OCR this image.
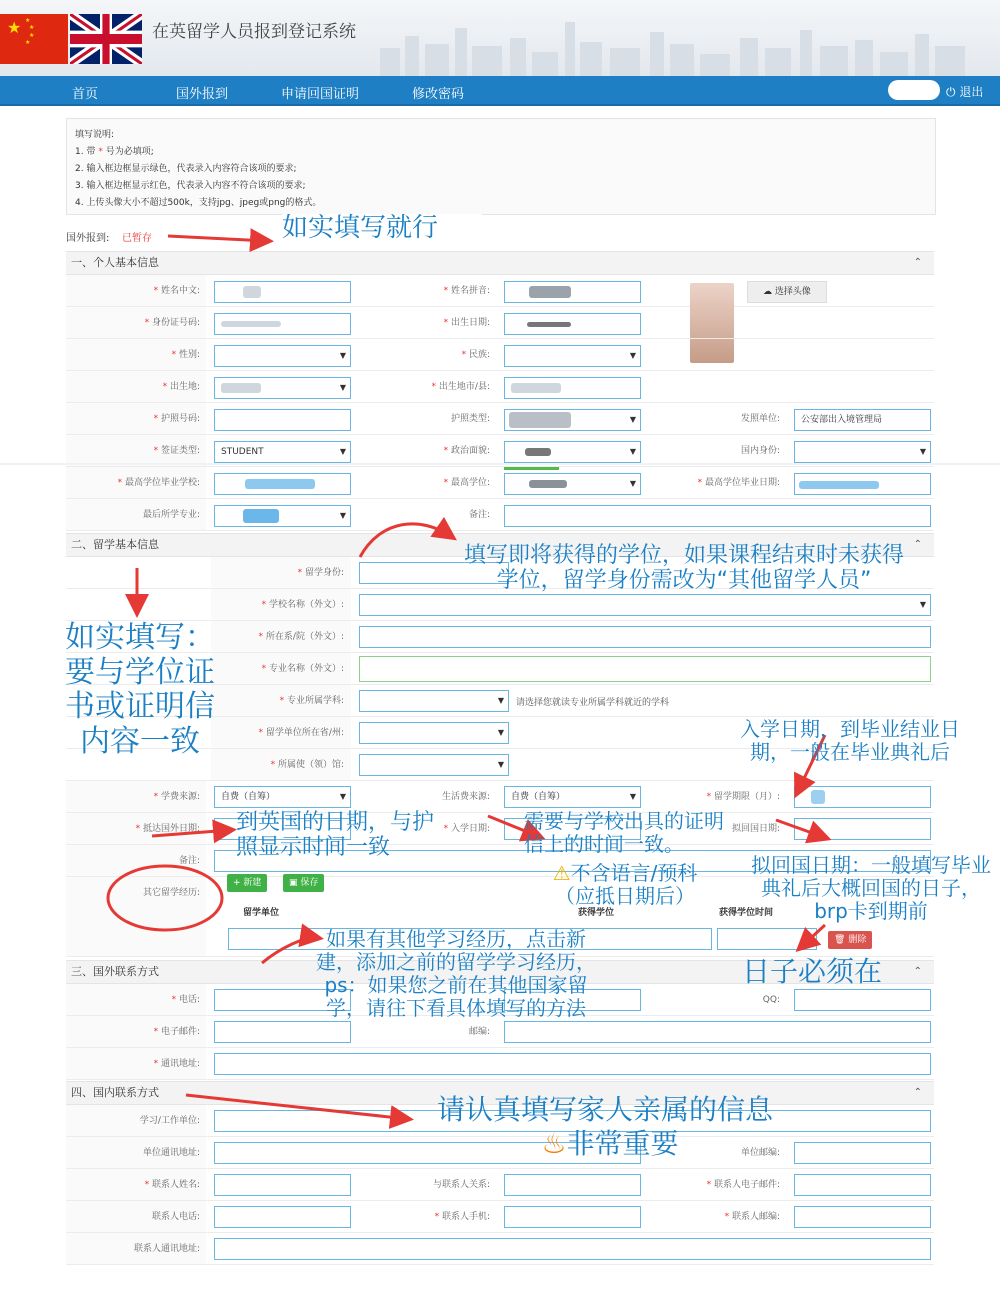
★ ★
★
★
★
在英留学人员报到登记系统
首页	国外报到	申请回国证明	修改密码	⏻ 退出
填写说明:
1. 带 * 号为必填项;
2. 输入框边框显示绿色，代表录入内容符合该项的要求;
3. 输入框边框显示红色，代表录入内容不符合该项的要求;
4. 上传头像大小不超过500k，支持jpg、jpeg或png的格式。
国外报到: 已暂存
一、个人基本信息	⌃
* 姓名中文:	* 姓名拼音:	☁ 选择头像
* 身份证号码:	* 出生日期:
* 性别:	▼	* 民族:	▼
* 出生地:	▼	* 出生地市/县:
* 护照号码:	护照类型:	▼	发照单位:	公安部出入境管理局
* 签证类型:	STUDENT	▼	* 政治面貌:	▼	国内身份:	▼
* 最高学位毕业学校:	* 最高学位:	▼	* 最高学位毕业日期:
最后所学专业:	▼	备注:
二、留学基本信息	⌃
* 留学身份:
* 学校名称（外文）:	▼
* 所在系/院（外文）:
* 专业名称（外文）:
* 专业所属学科:	▼ 请选择您就读专业所属学科就近的学科
* 留学单位所在省/州:	▼
* 所属使（领）馆:	▼
* 学费来源:	自费（自筹）	▼	生活费来源:	自费（自筹）	▼	* 留学期限（月）:
* 抵达国外日期:	* 入学日期:	拟回国日期:
备注:
其它留学经历:
+ 新建	▣ 保存
留学单位	获得学位	获得学位时间
🗑 删除
三、国外联系方式	⌃
* 电话:	QQ:
* 电子邮件:	邮编:
* 通讯地址:
四、国内联系方式	⌃
学习/工作单位:
单位通讯地址:	单位邮编:
* 联系人姓名:	与联系人关系:	* 联系人电子邮件:
联系人电话:	* 联系人手机:	* 联系人邮编:
联系人通讯地址:
如实填写就行
填写即将获得的学位，如果课程结束时未获得学位，留学身份需改为“其他留学人员”
如实填写：要与学位证书或证明信内容一致	入学日期，到毕业结业日期，一般在毕业典礼后
到英国的日期，与护照显示时间一致
需要与学校出具的证明信上的时间一致。
⚠不含语言/预科（应抵日期后）
拟回国日期：一般填写毕业典礼后大概回国的日子，brp卡到期前
如果有其他学习经历，点击新建，添加之前的留学学习经历，ps：如果您之前在其他国家留学，请往下看具体填写的方法
日子必须在
请认真填写家人亲属的信息
♨非常重要
